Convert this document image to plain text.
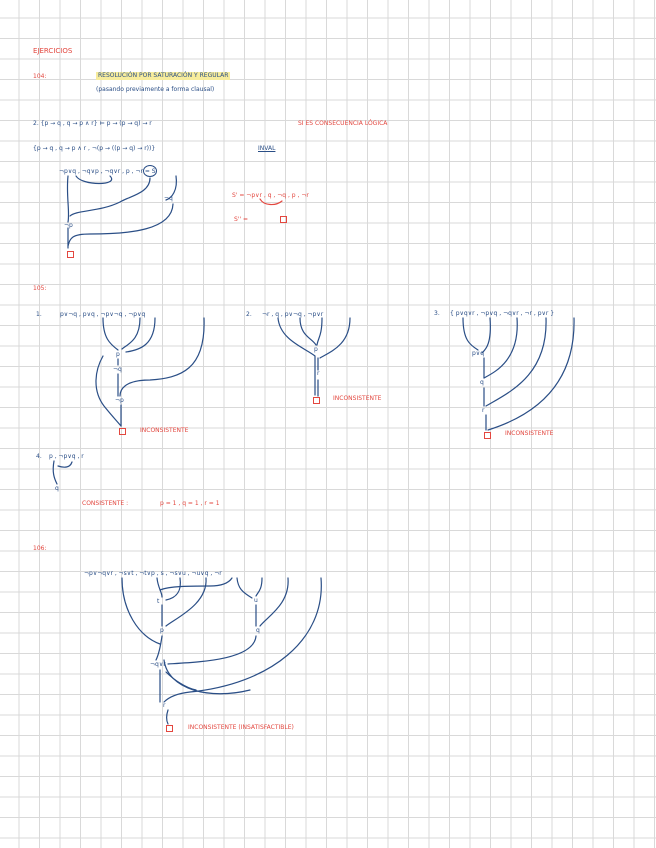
EJERCICIOS
104:	RESOLUCIÓN POR SATURACIÓN Y REGULAR
(pasando previamente a forma clausal)
2. {p → q , q → p ∧ r} ⊨ p → (p → q) → r	SI ES CONSECUENCIA LÓGICA
{p → q , q → p ∧ r , ¬(p → ((p → q) → r))}	INVAL
¬p∨q , ¬q∨p , ¬q∨r , p , ¬r = S
¬q
¬p
S' = ¬p∨r , q , ¬q , p , ¬r
S'' =
105:
1.	p∨¬q , p∨q , ¬p∨¬q , ¬p∨q
p
¬q
¬p
INCONSISTENTE
2. ¬r , q , p∨¬q , ¬p∨r
p
r
INCONSISTENTE
3. { p∨q∨r , ¬p∨q , ¬q∨r , ¬r , p∨r }
p∨q
q
r
INCONSISTENTE
4. p , ¬p∨q , r
q
CONSISTENTE :	p = 1 , q = 1 , r = 1
106:
¬p∨¬q∨r , ¬s∨t , ¬t∨p , s , ¬s∨u , ¬u∨q , ¬r
t	u
p	q
¬q∨r
r
INCONSISTENTE (INSATISFACTIBLE)
